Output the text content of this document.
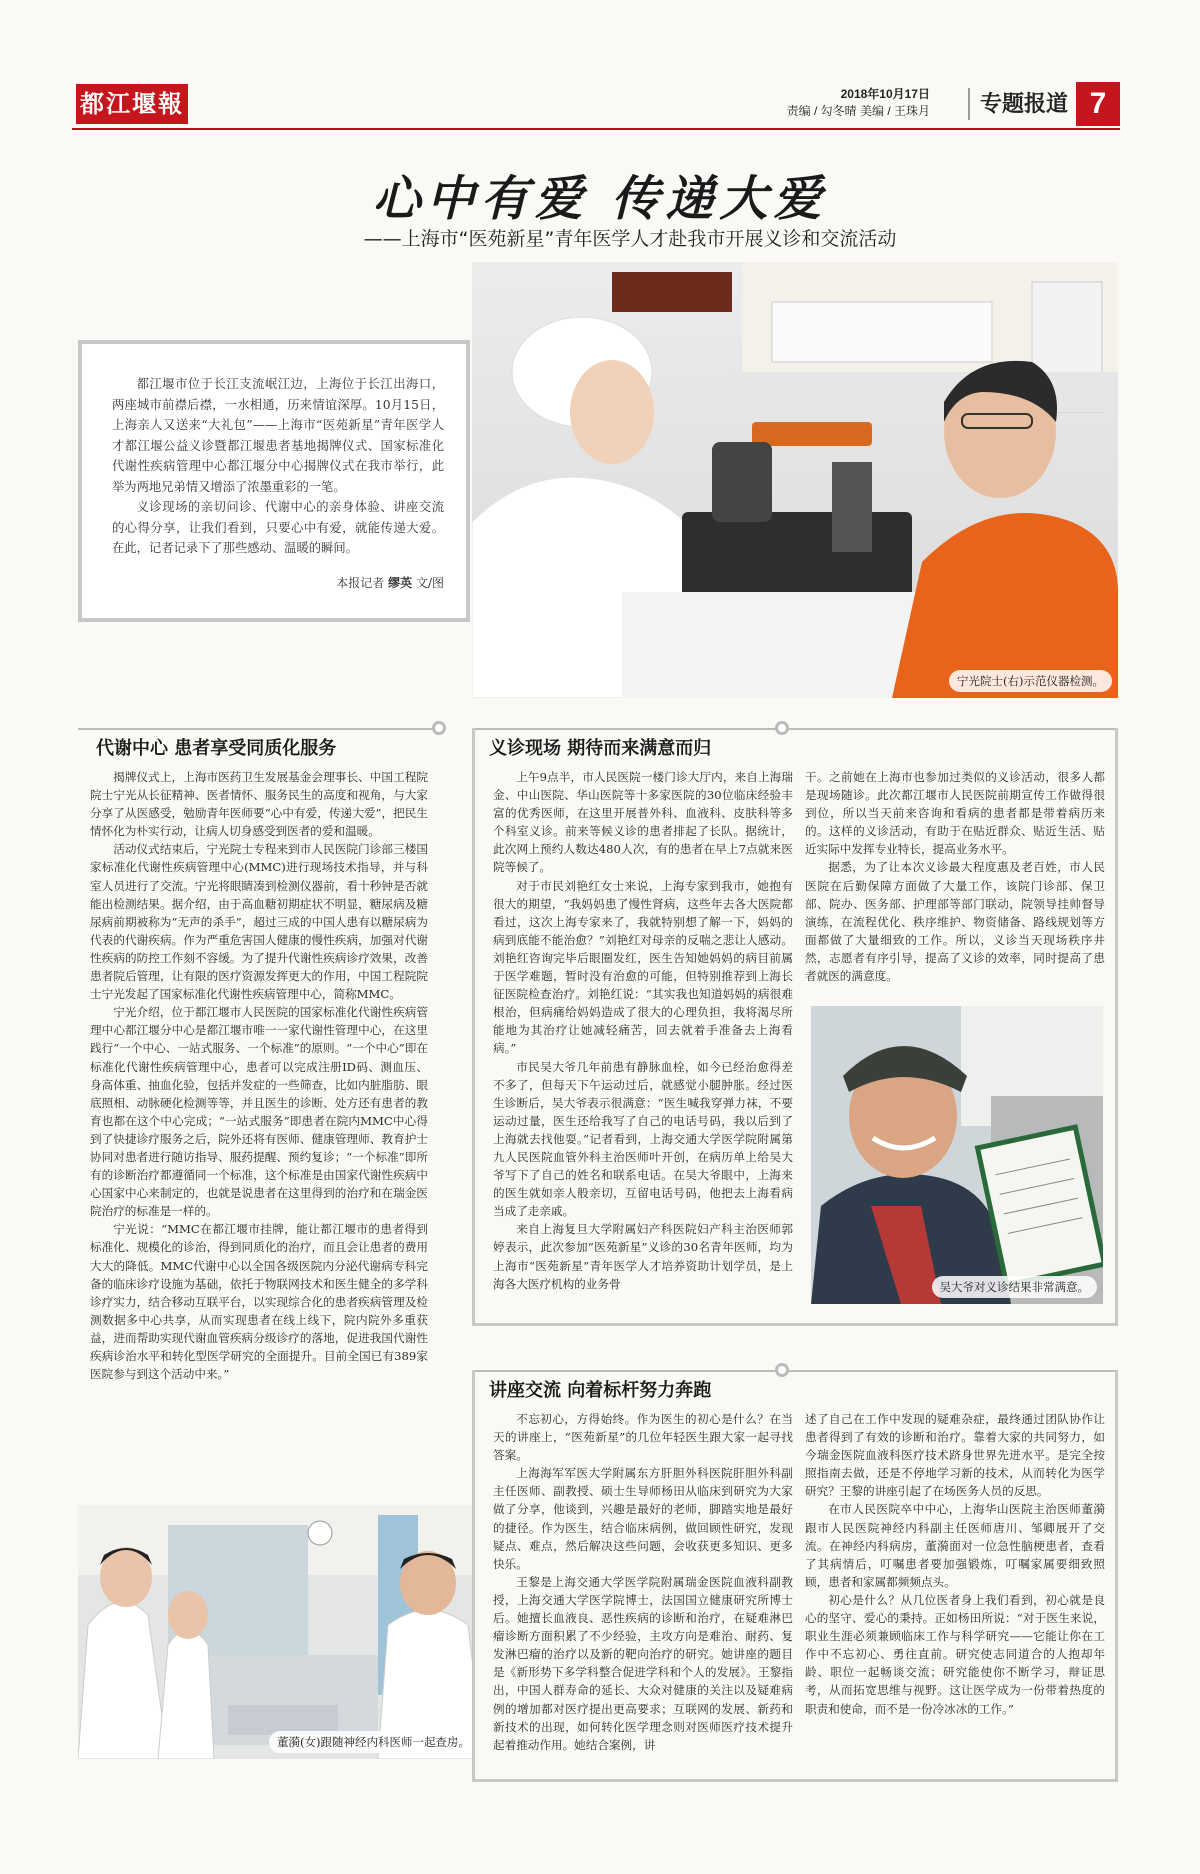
都江堰報	2018年10月17日
责编 / 勾冬晴 美编 / 王珠月	专题报道 7
心中有爱 传递大爱
——上海市“医苑新星”青年医学人才赴我市开展义诊和交流活动

都江堰市位于长江支流岷江边，上海位于长江出海口，两座城市前襟后襟，一水相通，历来情谊深厚。10月15日，上海亲人又送来“大礼包”——上海市“医苑新星”青年医学人才都江堰公益义诊暨都江堰患者基地揭牌仪式、国家标准化代谢性疾病管理中心都江堰分中心揭牌仪式在我市举行，此举为两地兄弟情又增添了浓墨重彩的一笔。

义诊现场的亲切问诊、代谢中心的亲身体验、讲座交流的心得分享，让我们看到，只要心中有爱，就能传递大爱。在此，记者记录下了那些感动、温暖的瞬间。

本报记者 缪英 文/图

宁光院士(右)示范仪器检测。
代谢中心 患者享受同质化服务

揭牌仪式上，上海市医药卫生发展基金会理事长、中国工程院院士宁光从长征精神、医者情怀、服务民生的高度和视角，与大家分享了从医感受，勉励青年医师要“心中有爱，传递大爱”，把民生情怀化为朴实行动，让病人切身感受到医者的爱和温暖。

活动仪式结束后，宁光院士专程来到市人民医院门诊部三楼国家标准化代谢性疾病管理中心(MMC)进行现场技术指导，并与科室人员进行了交流。宁光将眼睛凑到检测仪器前，看十秒钟是否就能出检测结果。据介绍，由于高血糖初期症状不明显，糖尿病及糖尿病前期被称为“无声的杀手”，超过三成的中国人患有以糖尿病为代表的代谢疾病。作为严重危害国人健康的慢性疾病，加强对代谢性疾病的防控工作刻不容缓。为了提升代谢性疾病诊疗效果，改善患者院后管理，让有限的医疗资源发挥更大的作用，中国工程院院士宁光发起了国家标准化代谢性疾病管理中心，简称MMC。

宁光介绍，位于都江堰市人民医院的国家标准化代谢性疾病管理中心都江堰分中心是都江堰市唯一一家代谢性管理中心，在这里践行“一个中心、一站式服务、一个标准”的原则。“一个中心”即在标准化代谢性疾病管理中心，患者可以完成注册ID码、测血压、身高体重、抽血化验，包括并发症的一些筛查，比如内脏脂肪、眼底照相、动脉硬化检测等等，并且医生的诊断、处方还有患者的教育也都在这个中心完成；“一站式服务”即患者在院内MMC中心得到了快捷诊疗服务之后，院外还将有医师、健康管理师、教育护士协同对患者进行随访指导、服药提醒、预约复诊；“一个标准”即所有的诊断治疗都遵循同一个标准，这个标准是由国家代谢性疾病中心国家中心来制定的，也就是说患者在这里得到的治疗和在瑞金医院治疗的标准是一样的。

宁光说：“MMC在都江堰市挂牌，能让都江堰市的患者得到标准化、规模化的诊治，得到同质化的治疗，而且会让患者的费用大大的降低。MMC代谢中心以全国各级医院内分泌代谢病专科完备的临床诊疗设施为基础，依托于物联网技术和医生健全的多学科诊疗实力，结合移动互联平台，以实现综合化的患者疾病管理及检测数据多中心共享，从而实现患者在线上线下，院内院外多重获益，进而帮助实现代谢血管疾病分级诊疗的落地，促进我国代谢性疾病诊治水平和转化型医学研究的全面提升。目前全国已有389家医院参与到这个活动中来。”

董漪(女)跟随神经内科医师一起查房。
义诊现场 期待而来满意而归

上午9点半，市人民医院一楼门诊大厅内，来自上海瑞金、中山医院、华山医院等十多家医院的30位临床经验丰富的优秀医师，在这里开展普外科、血液科、皮肤科等多个科室义诊。前来等候义诊的患者排起了长队。据统计，此次网上预约人数达480人次，有的患者在早上7点就来医院等候了。

对于市民刘艳红女士来说，上海专家到我市，她抱有很大的期望，“我妈妈患了慢性肾病，这些年去各大医院都看过，这次上海专家来了，我就特别想了解一下，妈妈的病到底能不能治愈？”刘艳红对母亲的反喘之悲让人感动。刘艳红咨询完毕后眼圈发红，医生告知她妈妈的病目前属于医学难题，暂时没有治愈的可能，但特别推荐到上海长征医院检查治疗。刘艳红说：“其实我也知道妈妈的病很难根治，但病痛给妈妈造成了很大的心理负担，我将渴尽所能地为其治疗让她减轻痛苦，回去就着手准备去上海看病。”

市民吴大爷几年前患有静脉血栓，如今已经治愈得差不多了，但每天下午运动过后，就感觉小腿肿胀。经过医生诊断后，吴大爷表示很满意：“医生喊我穿弹力袜，不要运动过量，医生还给我写了自己的电话号码，我以后到了上海就去找他耍。”记者看到，上海交通大学医学院附属第九人民医院血管外科主治医师叶开创，在病历单上给吴大爷写下了自己的姓名和联系电话。在吴大爷眼中，上海来的医生就如亲人般亲切，互留电话号码，他把去上海看病当成了走亲戚。

来自上海复旦大学附属妇产科医院妇产科主治医师郭婷表示，此次参加“医苑新星”义诊的30名青年医师，均为上海市“医苑新星”青年医学人才培养资助计划学员，是上海各大医疗机构的业务骨

干。之前她在上海市也参加过类似的义诊活动，很多人都是现场随诊。此次都江堰市人民医院前期宣传工作做得很到位，所以当天前来咨询和看病的患者都是带着病历来的。这样的义诊活动，有助于在贴近群众、贴近生活、贴近实际中发挥专业特长，提高业务水平。

据悉，为了让本次义诊最大程度惠及老百姓，市人民医院在后勤保障方面做了大量工作，该院门诊部、保卫部、院办、医务部、护理部等部门联动，院领导挂帅督导演练，在流程优化、秩序维护、物资储备、路线规划等方面都做了大量细致的工作。所以，义诊当天现场秩序井然，志愿者有序引导，提高了义诊的效率，同时提高了患者就医的满意度。

吴大爷对义诊结果非常满意。
讲座交流 向着标杆努力奔跑

不忘初心，方得始终。作为医生的初心是什么？在当天的讲座上，“医苑新星”的几位年轻医生跟大家一起寻找答案。

上海海军军医大学附属东方肝胆外科医院肝胆外科副主任医师、副教授、硕士生导师杨田从临床到研究为大家做了分享，他谈到，兴趣是最好的老师，脚踏实地是最好的捷径。作为医生，结合临床病例，做回顾性研究，发现疑点、难点，然后解决这些问题，会收获更多知识、更多快乐。

王黎是上海交通大学医学院附属瑞金医院血液科副教授，上海交通大学医学院博士，法国国立健康研究所博士后。她擅长血液良、恶性疾病的诊断和治疗，在疑难淋巴瘤诊断方面积累了不少经验，主攻方向是难治、耐药、复发淋巴瘤的治疗以及新的靶向治疗的研究。她讲座的题目是《新形势下多学科整合促进学科和个人的发展》。王黎指出，中国人群寿命的延长、大众对健康的关注以及疑难病例的增加都对医疗提出更高要求；互联网的发展、新药和新技术的出现，如何转化医学理念则对医师医疗技术提升起着推动作用。她结合案例，讲

述了自己在工作中发现的疑难杂症，最终通过团队协作让患者得到了有效的诊断和治疗。靠着大家的共同努力，如今瑞金医院血液科医疗技术跻身世界先进水平。是完全按照指南去做，还是不停地学习新的技术，从而转化为医学研究？王黎的讲座引起了在场医务人员的反思。

在市人民医院卒中中心，上海华山医院主治医师董漪跟市人民医院神经内科副主任医师唐川、邹卿展开了交流。在神经内科病房，董漪面对一位急性脑梗患者，查看了其病情后，叮嘱患者要加强锻炼，叮嘱家属要细致照顾，患者和家属都频频点头。

初心是什么？从几位医者身上我们看到，初心就是良心的坚守、爱心的秉持。正如杨田所说：“对于医生来说，职业生涯必须兼顾临床工作与科学研究——它能让你在工作中不忘初心、勇往直前。研究使志同道合的人抱却年龄、职位一起畅谈交流；研究能使你不断学习，辩证思考，从而拓宽思维与视野。这让医学成为一份带着热度的职责和使命，而不是一份冷冰冰的工作。”
